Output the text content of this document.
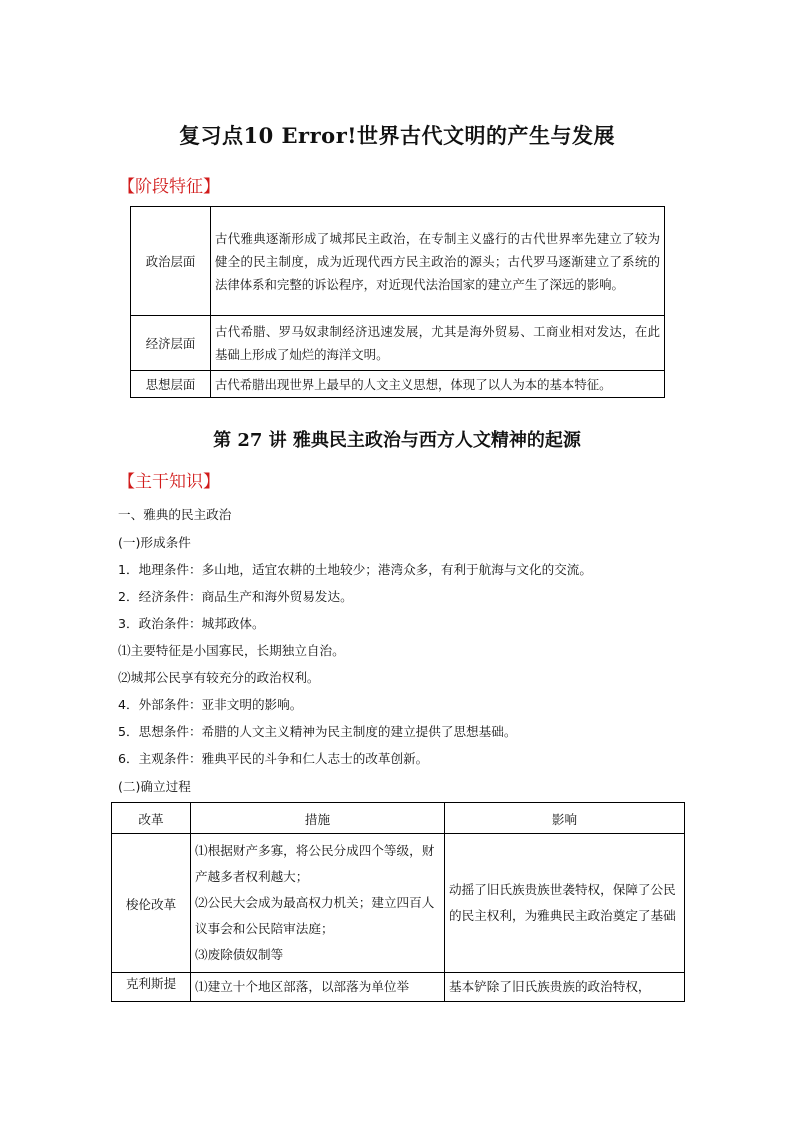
复习点10 Error!世界古代文明的产生与发展
【阶段特征】
政治层面	古代雅典逐渐形成了城邦民主政治，在专制主义盛行的古代世界率先建立了较为健全的民主制度，成为近现代西方民主政治的源头；古代罗马逐渐建立了系统的法律体系和完整的诉讼程序，对近现代法治国家的建立产生了深远的影响。
经济层面	古代希腊、罗马奴隶制经济迅速发展，尤其是海外贸易、工商业相对发达，在此基础上形成了灿烂的海洋文明。
思想层面	古代希腊出现世界上最早的人文主义思想，体现了以人为本的基本特征。
第 27 讲 雅典民主政治与西方人文精神的起源
【主干知识】
一、雅典的民主政治
(一)形成条件
1．地理条件：多山地，适宜农耕的土地较少；港湾众多，有利于航海与文化的交流。
2．经济条件：商品生产和海外贸易发达。
3．政治条件：城邦政体。
⑴主要特征是小国寡民，长期独立自治。
⑵城邦公民享有较充分的政治权利。
4．外部条件：亚非文明的影响。
5．思想条件：希腊的人文主义精神为民主制度的建立提供了思想基础。
6．主观条件：雅典平民的斗争和仁人志士的改革创新。
(二)确立过程
改革	措施	影响
梭伦改革	⑴根据财产多寡，将公民分成四个等级，财产越多者权利越大；
⑵公民大会成为最高权力机关；建立四百人议事会和公民陪审法庭；
⑶废除债奴制等	动摇了旧氏族贵族世袭特权，保障了公民的民主权利，为雅典民主政治奠定了基础
克利斯提	⑴建立十个地区部落，以部落为单位举	基本铲除了旧氏族贵族的政治特权，
